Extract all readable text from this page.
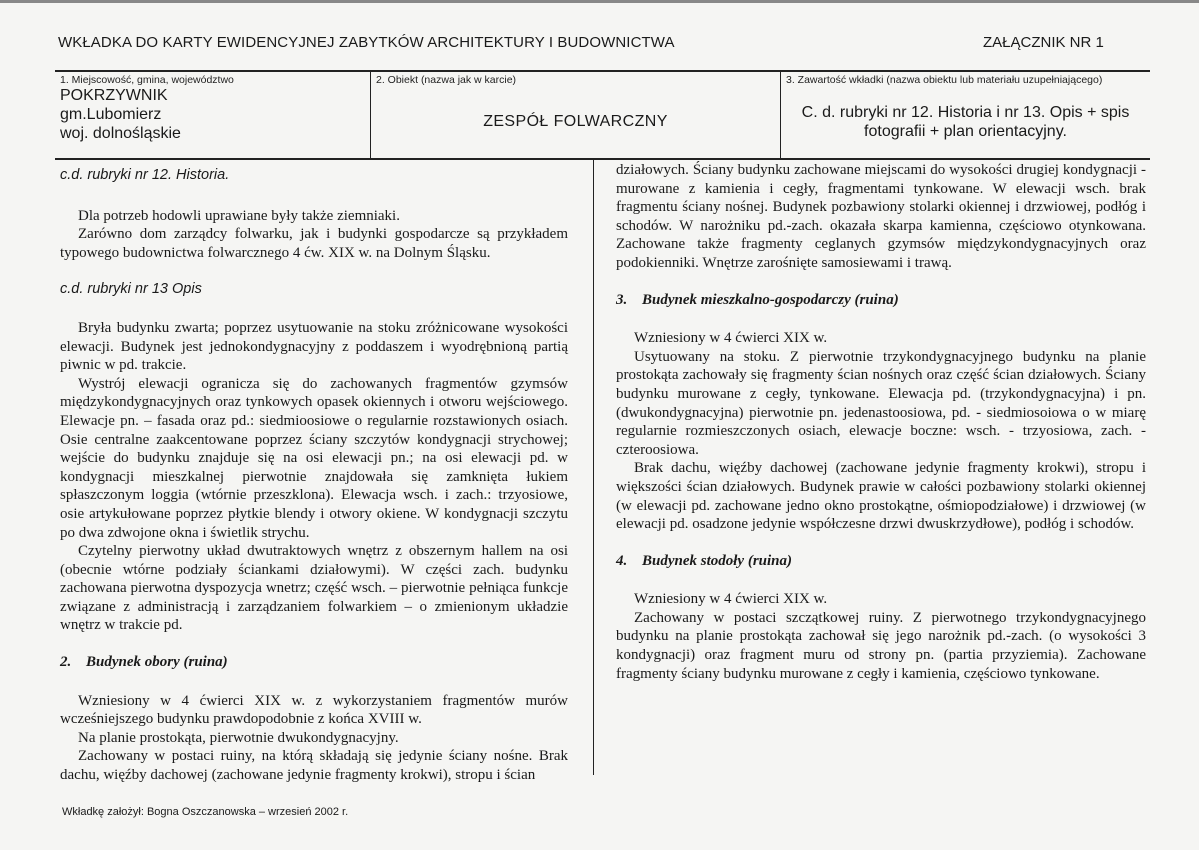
WKŁADKA DO KARTY EWIDENCYJNEJ ZABYTKÓW ARCHITEKTURY I BUDOWNICTWA	ZAŁĄCZNIK NR 1
1. Miejscowość, gmina, województwo
POKRZYWNIK
gm.Lubomierz
woj. dolnośląskie
2. Obiekt (nazwa jak w karcie)
ZESPÓŁ FOLWARCZNY
3. Zawartość wkładki (nazwa obiektu lub materiału uzupełniającego)
C. d. rubryki nr 12. Historia i nr 13. Opis + spis fotografii + plan orientacyjny.
c.d. rubryki nr 12. Historia.

Dla potrzeb hodowli uprawiane były także ziemniaki.

Zarówno dom zarządcy folwarku, jak i budynki gospodarcze są przykładem typowego budownictwa folwarcznego 4 ćw. XIX w. na Dolnym Śląsku.

c.d. rubryki nr 13 Opis

Bryła budynku zwarta; poprzez usytuowanie na stoku zróżnicowane wysokości elewacji. Budynek jest jednokondygnacyjny z poddaszem i wyodrębnioną partią piwnic w pd. trakcie.

Wystrój elewacji ogranicza się do zachowanych fragmentów gzymsów międzykondygnacyjnych oraz tynkowych opasek okiennych i otworu wejściowego. Elewacje pn. – fasada oraz pd.: siedmioosiowe o regularnie rozstawionych osiach. Osie centralne zaakcentowane poprzez ściany szczytów kondygnacji strychowej; wejście do budynku znajduje się na osi elewacji pn.; na osi elewacji pd. w kondygnacji mieszkalnej pierwotnie znajdowała się zamknięta łukiem spłaszczonym loggia (wtórnie przeszklona). Elewacja wsch. i zach.: trzyosiowe, osie artykułowane poprzez płytkie blendy i otwory okiene. W kondygnacji szczytu po dwa zdwojone okna i świetlik strychu.

Czytelny pierwotny układ dwutraktowych wnętrz z obszernym hallem na osi (obecnie wtórne podziały ściankami działowymi). W części zach. budynku zachowana pierwotna dyspozycja wnetrz; część wsch. – pierwotnie pełniąca funkcje związane z administracją i zarządzaniem folwarkiem – o zmienionym układzie wnętrz w trakcie pd.

2. Budynek obory (ruina)

Wzniesiony w 4 ćwierci XIX w. z wykorzystaniem fragmentów murów wcześniejszego budynku prawdopodobnie z końca XVIII w.

Na planie prostokąta, pierwotnie dwukondygnacyjny.

Zachowany w postaci ruiny, na którą składają się jedynie ściany nośne. Brak dachu, więźby dachowej (zachowane jedynie fragmenty krokwi), stropu i ścian

działowych. Ściany budynku zachowane miejscami do wysokości drugiej kondygnacji - murowane z kamienia i cegły, fragmentami tynkowane. W elewacji wsch. brak fragmentu ściany nośnej. Budynek pozbawiony stolarki okiennej i drzwiowej, podłóg i schodów. W narożniku pd.-zach. okazała skarpa kamienna, częściowo otynkowana. Zachowane także fragmenty ceglanych gzymsów międzykondygnacyjnych oraz podokienniki. Wnętrze zarośnięte samosiewami i trawą.

3. Budynek mieszkalno-gospodarczy (ruina)

Wzniesiony w 4 ćwierci XIX w.

Usytuowany na stoku. Z pierwotnie trzykondygnacyjnego budynku na planie prostokąta zachowały się fragmenty ścian nośnych oraz część ścian działowych. Ściany budynku murowane z cegły, tynkowane. Elewacja pd. (trzykondygnacyjna) i pn. (dwukondygnacyjna) pierwotnie pn. jedenastoosiowa, pd. - siedmiosoiowa o w miarę regularnie rozmieszczonych osiach, elewacje boczne: wsch. - trzyosiowa, zach. - czteroosiowa.

Brak dachu, więźby dachowej (zachowane jedynie fragmenty krokwi), stropu i większości ścian działowych. Budynek prawie w całości pozbawiony stolarki okiennej (w elewacji pd. zachowane jedno okno prostokątne, ośmiopodziałowe) i drzwiowej (w elewacji pd. osadzone jedynie współczesne drzwi dwuskrzydłowe), podłóg i schodów.

4. Budynek stodoły (ruina)

Wzniesiony w 4 ćwierci XIX w.

Zachowany w postaci szczątkowej ruiny. Z pierwotnego trzykondygnacyjnego budynku na planie prostokąta zachował się jego narożnik pd.-zach. (o wysokości 3 kondygnacji) oraz fragment muru od strony pn. (partia przyziemia). Zachowane fragmenty ściany budynku murowane z cegły i kamienia, częściowo tynkowane.

Wkładkę założył: Bogna Oszczanowska – wrzesień 2002 r.
